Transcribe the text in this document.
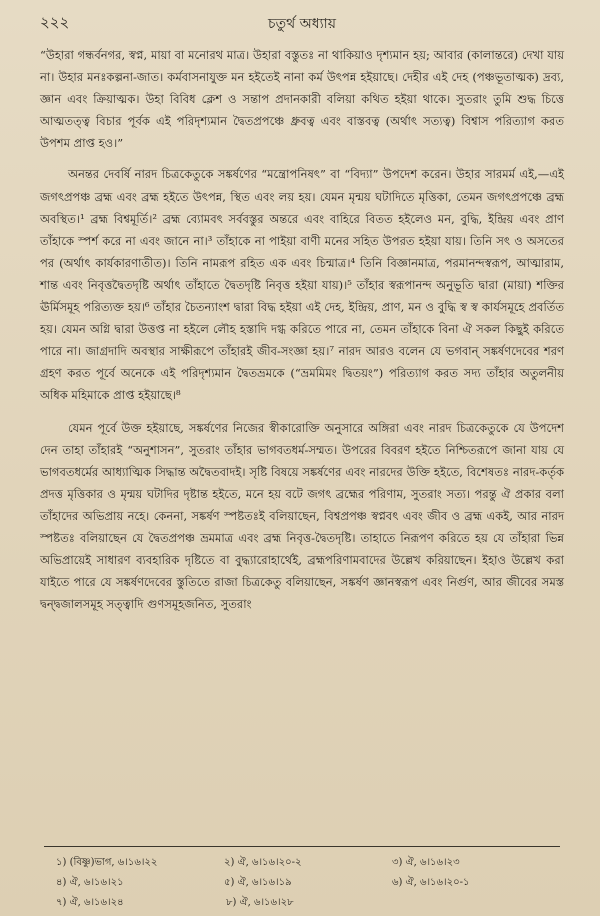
২২২	চতুর্থ অধ্যায়

“উহারা গন্ধর্বনগর, স্বপ্ন, মায়া বা মনোরথ মাত্র। উহারা বস্তুতঃ না থাকিয়াও দৃশ্যমান হয়; আবার (কালান্তরে) দেখা যায় না। উহার মনঃকল্পনা-জাত। কর্মবাসনাযুক্ত মন হইতেই নানা কর্ম উৎপন্ন হইয়াছে। দেহীর এই দেহ (পঞ্চভূতাত্মক) দ্রব্য, জ্ঞান এবং ক্রিয়াত্মক। উহা বিবিধ ক্লেশ ও সন্তাপ প্রদানকারী বলিয়া কথিত হইয়া থাকে। সুতরাং তুমি শুদ্ধ চিত্তে আত্মতত্ত্ব বিচার পূর্বক এই পরিদৃশ্যমান দ্বৈতপ্রপঞ্চে ধ্রুবত্ব এবং বাস্তবত্ব (অর্থাৎ সত্যত্ব) বিশ্বাস পরিত্যাগ করত উপশম প্রাপ্ত হও।”

অনন্তর দেবর্ষি নারদ চিত্রকেতুকে সঙ্কর্ষণের “মন্ত্রোপনিষৎ” বা “বিদ্যা” উপদেশ করেন। উহার সারমর্ম এই,—এই জগৎপ্রপঞ্চ ব্রহ্ম এবং ব্রহ্ম হইতে উৎপন্ন, স্থিত এবং লয় হয়। যেমন মৃন্ময় ঘটাদিতে মৃত্তিকা, তেমন জগৎপ্রপঞ্চে ব্রহ্ম অবস্থিত।¹ ব্রহ্ম বিশ্বমূর্তি।² ব্রহ্ম ব্যোমবৎ সর্ববস্তুর অন্তরে এবং বাহিরে বিতত হইলেও মন, বুদ্ধি, ইন্দ্রিয় এবং প্রাণ তাঁহাকে স্পর্শ করে না এবং জানে না।³ তাঁহাকে না পাইয়া বাণী মনের সহিত উপরত হইয়া যায়। তিনি সৎ ও অসতের পর (অর্থাৎ কার্যকারণাতীত)। তিনি নামরূপ রহিত এক এবং চিন্মাত্র।⁴ তিনি বিজ্ঞানমাত্র, পরমানন্দস্বরূপ, আত্মারাম, শান্ত এবং নিবৃত্তদ্বৈতদৃষ্টি অর্থাৎ তাঁহাতে দ্বৈতদৃষ্টি নিবৃত্ত হইয়া যায়)।⁵ তাঁহার স্বরূপানন্দ অনুভূতি দ্বারা (মায়া) শক্তির ঊর্মিসমূহ পরিত্যক্ত হয়।⁶ তাঁহার চৈতন্যাংশ দ্বারা বিদ্ধ হইয়া এই দেহ, ইন্দ্রিয়, প্রাণ, মন ও বুদ্ধি স্ব স্ব কার্যসমূহে প্রবর্তিত হয়। যেমন অগ্নি দ্বারা উত্তপ্ত না হইলে লৌহ হস্তাদি দগ্ধ করিতে পারে না, তেমন তাঁহাকে বিনা ঐ সকল কিছুই করিতে পারে না। জাগ্রদাদি অবস্থার সাক্ষীরূপে তাঁহারই জীব-সংজ্ঞা হয়।⁷ নারদ আরও বলেন যে ভগবান্ সঙ্কর্ষণদেবের শরণ গ্রহণ করত পূর্বে অনেকে এই পরিদৃশ্যমান দ্বৈতভ্রমকে (“ভ্রমমিমং দ্বিতয়ং”) পরিত্যাগ করত সদ্য তাঁহার অতুলনীয় অধিক মহিমাকে প্রাপ্ত হইয়াছে।⁸

যেমন পূর্বে উক্ত হইয়াছে, সঙ্কর্ষণের নিজের স্বীকারোক্তি অনুসারে অঙ্গিরা এবং নারদ চিত্রকেতুকে যে উপদেশ দেন তাহা তাঁহারই “অনুশাসন”, সুতরাং তাঁহার ভাগবতধর্ম-সম্মত। উপরের বিবরণ হইতে নিশ্চিতরূপে জানা যায় যে ভাগবতধর্মের আধ্যাত্মিক সিদ্ধান্ত অদ্বৈতবাদই। সৃষ্টি বিষয়ে সঙ্কর্ষণের এবং নারদের উক্তি হইতে, বিশেষতঃ নারদ-কর্তৃক প্রদত্ত মৃত্তিকার ও মৃন্ময় ঘটাদির দৃষ্টান্ত হইতে, মনে হয় বটে জগৎ ব্রহ্মের পরিণাম, সুতরাং সত্য। পরন্তু ঐ প্রকার বলা তাঁহাদের অভিপ্রায় নহে। কেননা, সঙ্কর্ষণ স্পষ্টতঃই বলিয়াছেন, বিশ্বপ্রপঞ্চ স্বপ্নবৎ এবং জীব ও ব্রহ্ম একই, আর নারদ স্পষ্টতঃ বলিয়াছেন যে দ্বৈতপ্রপঞ্চ ভ্রমমাত্র এবং ব্রহ্ম নিবৃত্ত-দ্বৈতদৃষ্টি। তাহাতে নিরূপণ করিতে হয় যে তাঁহারা ভিন্ন অভিপ্রায়েই সাধারণ ব্যবহারিক দৃষ্টিতে বা বুদ্ধ্যারোহার্থেই, ব্রহ্মপরিণামবাদের উল্লেখ করিয়াছেন। ইহাও উল্লেখ করা যাইতে পারে যে সঙ্কর্ষণদেবের স্তুতিতে রাজা চিত্রকেতু বলিয়াছেন, সঙ্কর্ষণ জ্ঞানস্বরূপ এবং নির্গুণ, আর জীবের সমস্ত দ্বন্দ্বজালসমূহ সত্ত্বাদি গুণসমূহজনিত, সুতরাং

১) (বিষ্ণু)ভাগ, ৬।১৬।২২	২) ঐ, ৬।১৬।২০-২	৩) ঐ, ৬।১৬।২৩
৪) ঐ, ৬।১৬।২১	৫) ঐ, ৬।১৬।১৯	৬) ঐ, ৬।১৬।২০-১
৭) ঐ, ৬।১৬।২৪	৮) ঐ, ৬।১৬।২৮
